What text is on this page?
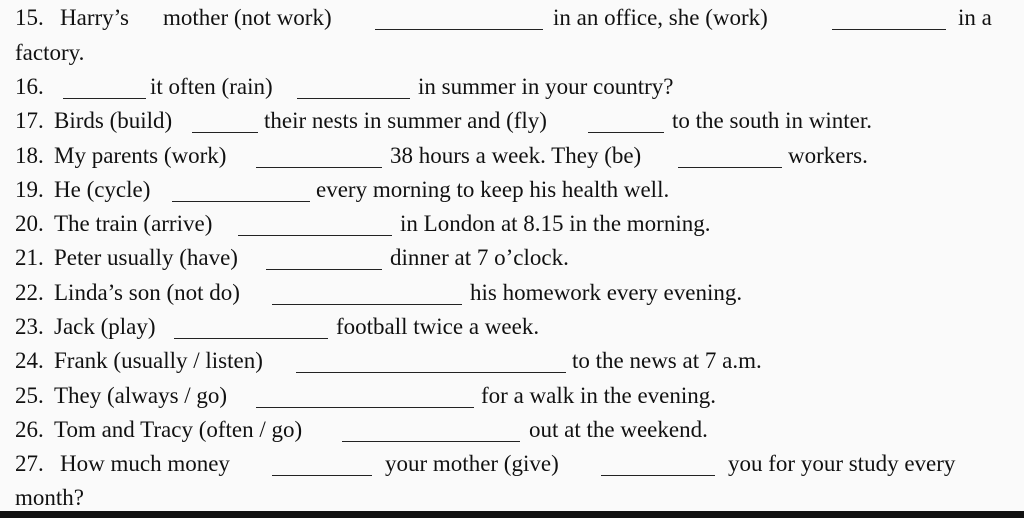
15. Harry’s mother (not work)	in an office, she (work)	in a
factory.
16.	it often (rain)	in summer in your country?
17. Birds (build)	their nests in summer and (fly)	to the south in winter.
18. My parents (work)	38 hours a week. They (be)	workers.
19. He (cycle)	every morning to keep his health well.
20. The train (arrive)	in London at 8.15 in the morning.
21. Peter usually (have)	dinner at 7 o’clock.
22. Linda’s son (not do)	his homework every evening.
23. Jack (play)	football twice a week.
24. Frank (usually / listen)	to the news at 7 a.m.
25. They (always / go)	for a walk in the evening.
26. Tom and Tracy (often / go)	out at the weekend.
27. How much money	your mother (give)	you for your study every
month?
